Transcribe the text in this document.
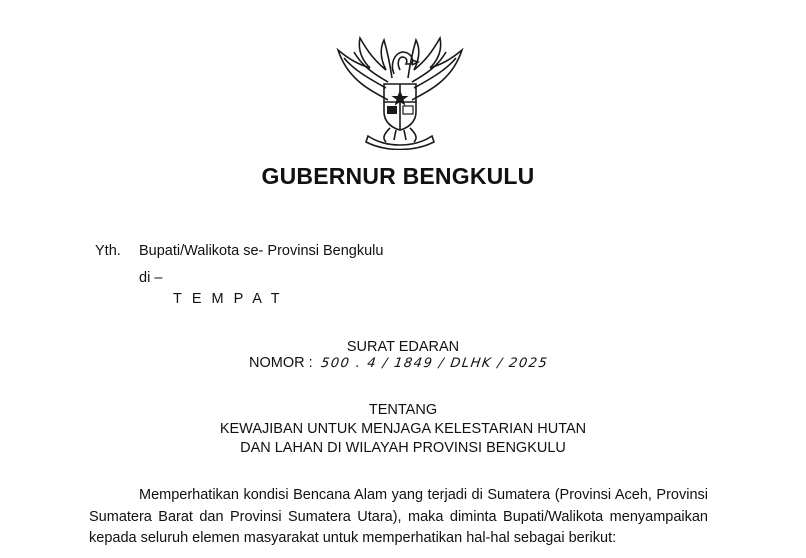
GUBERNUR BENGKULU
Yth. Bupati/Walikota se- Provinsi Bengkulu
di –
TEMPAT
SURAT EDARAN
NOMOR : 500 . 4 / 1849 / DLHK / 2025
TENTANG
KEWAJIBAN UNTUK MENJAGA KELESTARIAN HUTAN
DAN LAHAN DI WILAYAH PROVINSI BENGKULU
Memperhatikan kondisi Bencana Alam yang terjadi di Sumatera (Provinsi Aceh, Provinsi Sumatera Barat dan Provinsi Sumatera Utara), maka diminta Bupati/Walikota menyampaikan kepada seluruh elemen masyarakat untuk memperhatikan hal-hal sebagai berikut:
